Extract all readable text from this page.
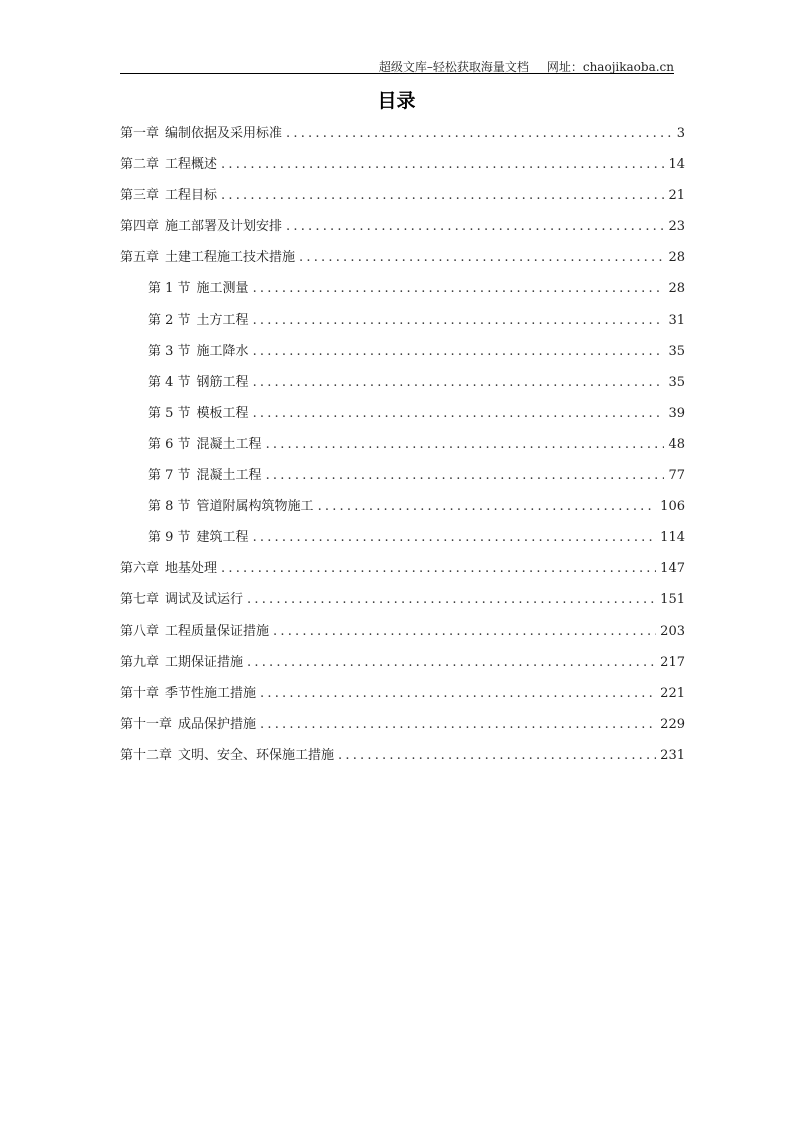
超级文库–轻松获取海量文档 网址：chaojikaoba.cn
目录
第一章 编制依据及采用标准 .....	3
第二章 工程概述 .....	14
第三章 工程目标 .....	21
第四章 施工部署及计划安排 .....	23
第五章 土建工程施工技术措施 .....	28
第 1 节 施工测量 .....	28
第 2 节 土方工程 .....	31
第 3 节 施工降水 .....	35
第 4 节 钢筋工程 .....	35
第 5 节 模板工程 .....	39
第 6 节 混凝土工程 .....	48
第 7 节 混凝土工程 .....	77
第 8 节 管道附属构筑物施工 .....	106
第 9 节 建筑工程 .....	114
第六章 地基处理 .....	147
第七章 调试及试运行 .....	151
第八章 工程质量保证措施 .....	203
第九章 工期保证措施 .....	217
第十章 季节性施工措施 .....	221
第十一章 成品保护措施 .....	229
第十二章 文明、安全、环保施工措施 .....	231
